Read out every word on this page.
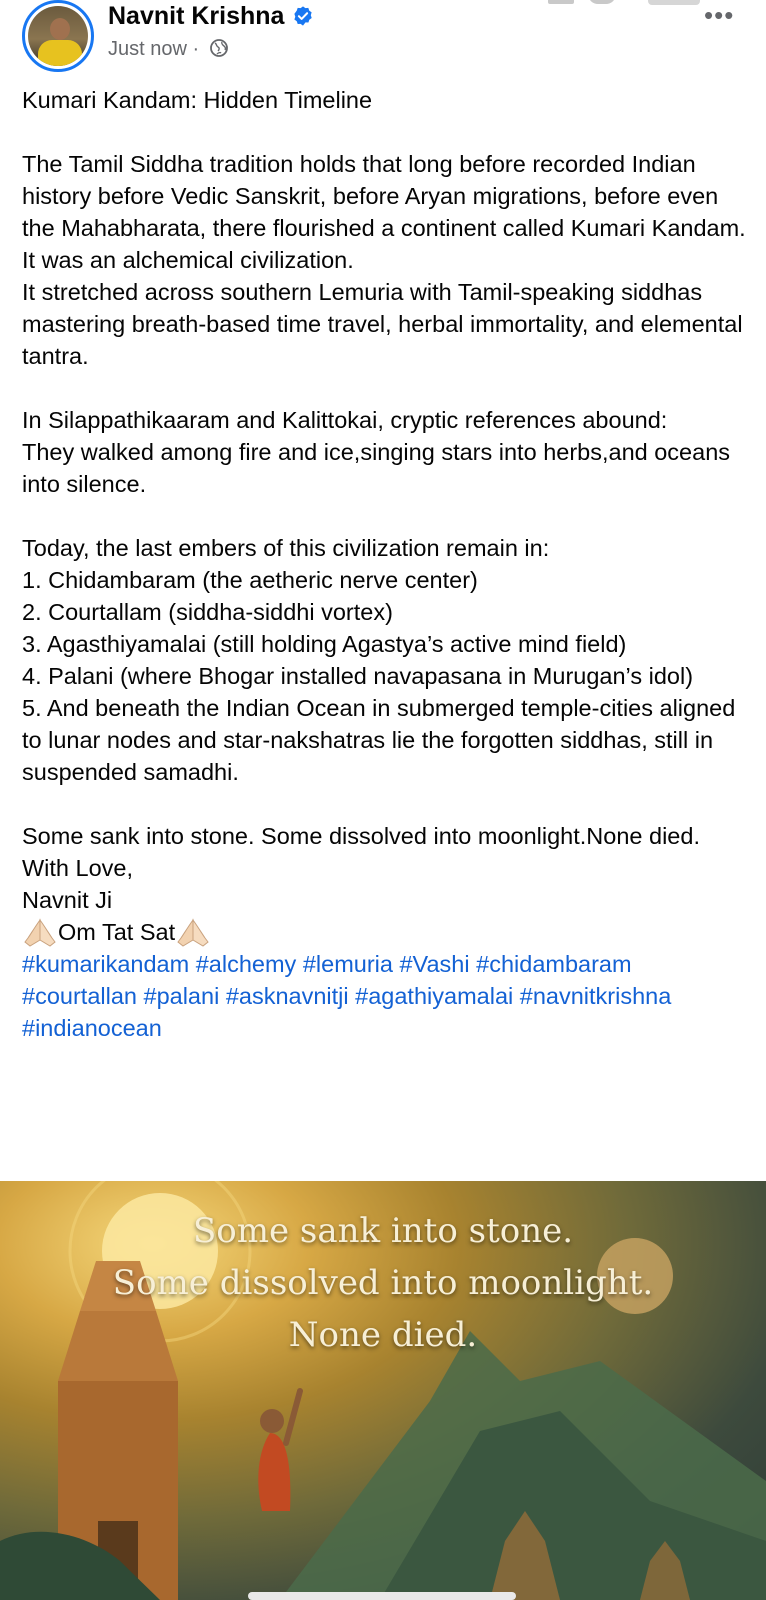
Navnit Krishna
Just now ·
•••

Kumari Kandam: Hidden Timeline

The Tamil Siddha tradition holds that long before recorded Indian history before Vedic Sanskrit, before Aryan migrations, before even the Mahabharata, there flourished a continent called Kumari Kandam.

It was an alchemical civilization.

It stretched across southern Lemuria with Tamil-speaking siddhas mastering breath-based time travel, herbal immortality, and elemental tantra.

In Silappathikaaram and Kalittokai, cryptic references abound:

They walked among fire and ice,singing stars into herbs,and oceans into silence.

Today, the last embers of this civilization remain in:

1. Chidambaram (the aetheric nerve center)

2. Courtallam (siddha-siddhi vortex)

3. Agasthiyamalai (still holding Agastya’s active mind field)

4. Palani (where Bhogar installed navapasana in Murugan’s idol)

5. And beneath the Indian Ocean in submerged temple-cities aligned to lunar nodes and star-nakshatras lie the forgotten siddhas, still in suspended samadhi.

Some sank into stone. Some dissolved into moonlight.None died.

With Love,

Navnit Ji

Om Tat Sat

#kumarikandam #alchemy #lemuria #Vashi #chidambaram #courtallan #palani #asknavnitji #agathiyamalai #navnitkrishna #indianocean

Some sank into stone.
Some dissolved into moonlight.
None died.
